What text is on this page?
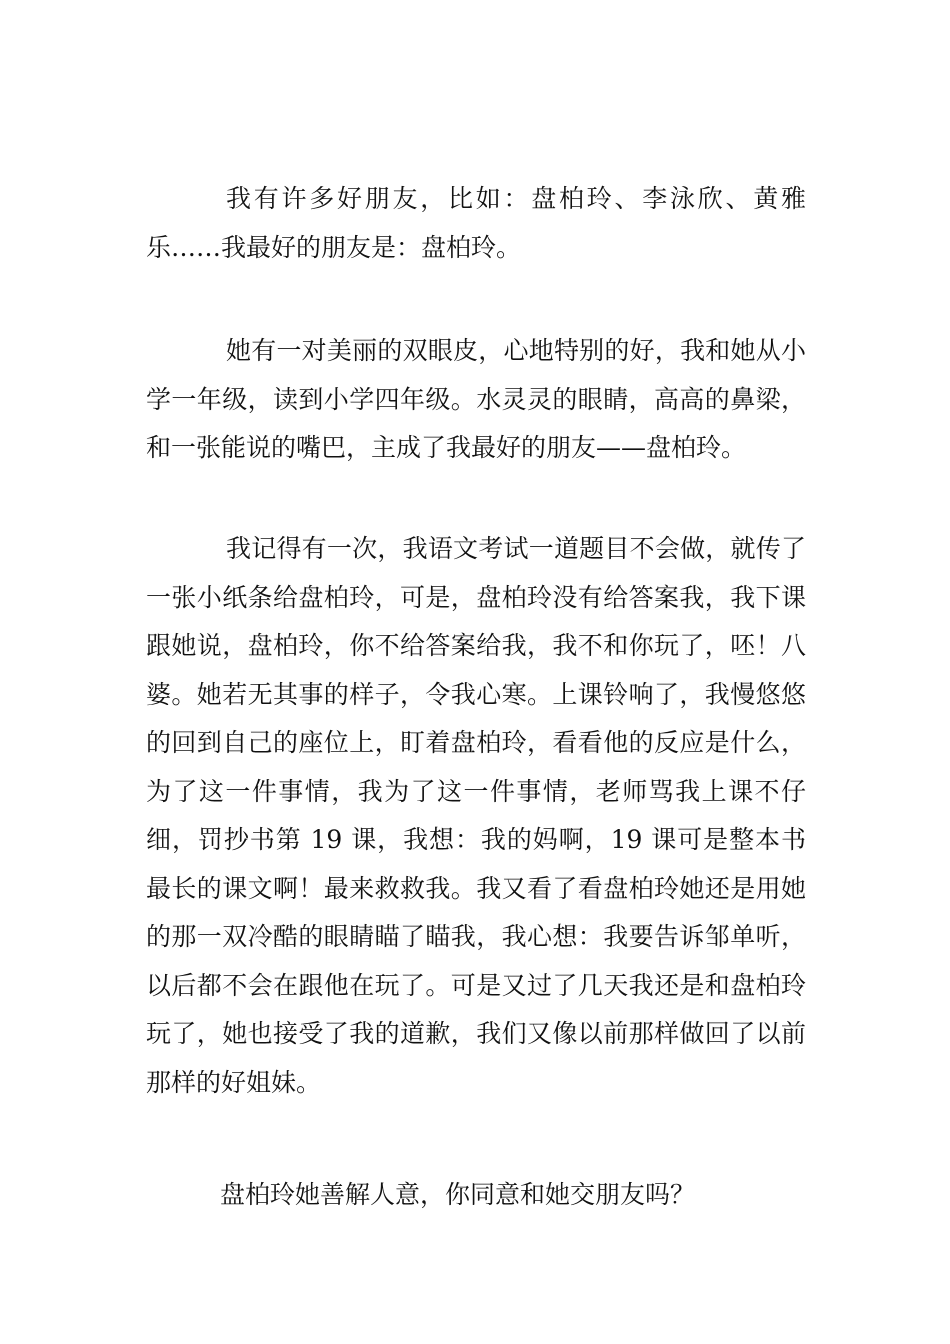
我有许多好朋友，比如：盘柏玲、李泳欣、黄雅乐……我最好的朋友是：盘柏玲。

她有一对美丽的双眼皮，心地特别的好，我和她从小学一年级，读到小学四年级。水灵灵的眼睛，高高的鼻梁，和一张能说的嘴巴，主成了我最好的朋友——盘柏玲。

我记得有一次，我语文考试一道题目不会做，就传了一张小纸条给盘柏玲，可是，盘柏玲没有给答案我，我下课跟她说，盘柏玲，你不给答案给我，我不和你玩了，呸！八婆。她若无其事的样子，令我心寒。上课铃响了，我慢悠悠的回到自己的座位上，盯着盘柏玲，看看他的反应是什么，为了这一件事情，我为了这一件事情，老师骂我上课不仔细，罚抄书第 19 课，我想：我的妈啊，19 课可是整本书最长的课文啊！最来救救我。我又看了看盘柏玲她还是用她的那一双冷酷的眼睛瞄了瞄我，我心想：我要告诉邹单听，以后都不会在跟他在玩了。可是又过了几天我还是和盘柏玲玩了，她也接受了我的道歉，我们又像以前那样做回了以前那样的好姐妹。

盘柏玲她善解人意，你同意和她交朋友吗？
